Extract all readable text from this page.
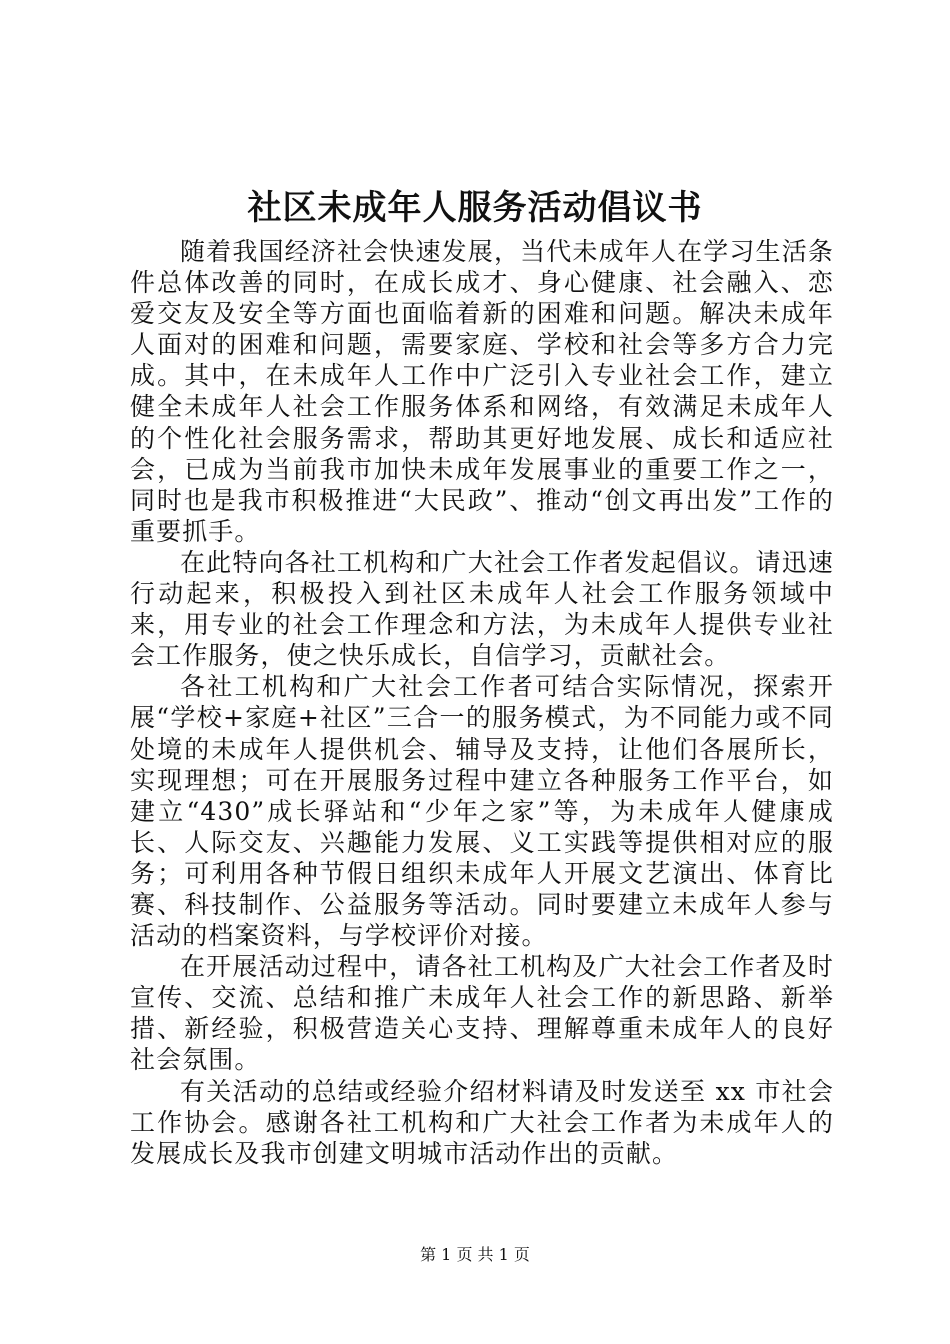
社区未成年人服务活动倡议书

随着我国经济社会快速发展，当代未成年人在学习生活条件总体改善的同时，在成长成才、身心健康、社会融入、恋爱交友及安全等方面也面临着新的困难和问题。解决未成年人面对的困难和问题，需要家庭、学校和社会等多方合力完成。其中，在未成年人工作中广泛引入专业社会工作，建立健全未成年人社会工作服务体系和网络，有效满足未成年人的个性化社会服务需求，帮助其更好地发展、成长和适应社会，已成为当前我市加快未成年发展事业的重要工作之一，同时也是我市积极推进“大民政”、推动“创文再出发”工作的重要抓手。

在此特向各社工机构和广大社会工作者发起倡议。请迅速行动起来，积极投入到社区未成年人社会工作服务领域中来，用专业的社会工作理念和方法，为未成年人提供专业社会工作服务，使之快乐成长，自信学习，贡献社会。

各社工机构和广大社会工作者可结合实际情况，探索开展“学校+家庭+社区”三合一的服务模式，为不同能力或不同处境的未成年人提供机会、辅导及支持，让他们各展所长，实现理想；可在开展服务过程中建立各种服务工作平台，如建立“430”成长驿站和“少年之家”等，为未成年人健康成长、人际交友、兴趣能力发展、义工实践等提供相对应的服务；可利用各种节假日组织未成年人开展文艺演出、体育比赛、科技制作、公益服务等活动。同时要建立未成年人参与活动的档案资料，与学校评价对接。

在开展活动过程中，请各社工机构及广大社会工作者及时宣传、交流、总结和推广未成年人社会工作的新思路、新举措、新经验，积极营造关心支持、理解尊重未成年人的良好社会氛围。

有关活动的总结或经验介绍材料请及时发送至 xx 市社会工作协会。感谢各社工机构和广大社会工作者为未成年人的发展成长及我市创建文明城市活动作出的贡献。

第 1 页 共 1 页
